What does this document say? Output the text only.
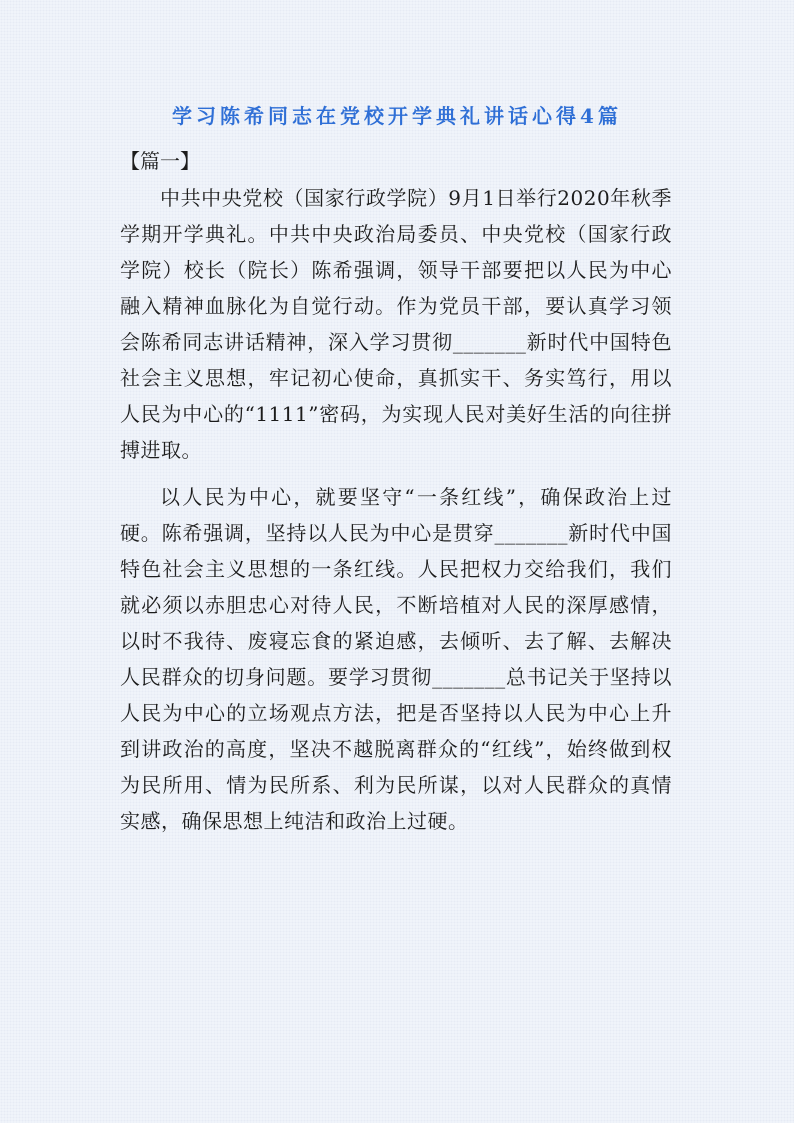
学习陈希同志在党校开学典礼讲话心得4篇

【篇一】

中共中央党校（国家行政学院）9月1日举行2020年秋季学期开学典礼。中共中央政治局委员、中央党校（国家行政学院）校长（院长）陈希强调，领导干部要把以人民为中心融入精神血脉化为自觉行动。作为党员干部，要认真学习领会陈希同志讲话精神，深入学习贯彻_______新时代中国特色社会主义思想，牢记初心使命，真抓实干、务实笃行，用以人民为中心的“1111”密码，为实现人民对美好生活的向往拼搏进取。

以人民为中心，就要坚守“一条红线”，确保政治上过硬。陈希强调，坚持以人民为中心是贯穿_______新时代中国特色社会主义思想的一条红线。人民把权力交给我们，我们就必须以赤胆忠心对待人民，不断培植对人民的深厚感情，以时不我待、废寝忘食的紧迫感，去倾听、去了解、去解决人民群众的切身问题。要学习贯彻_______总书记关于坚持以人民为中心的立场观点方法，把是否坚持以人民为中心上升到讲政治的高度，坚决不越脱离群众的“红线”，始终做到权为民所用、情为民所系、利为民所谋，以对人民群众的真情实感，确保思想上纯洁和政治上过硬。
